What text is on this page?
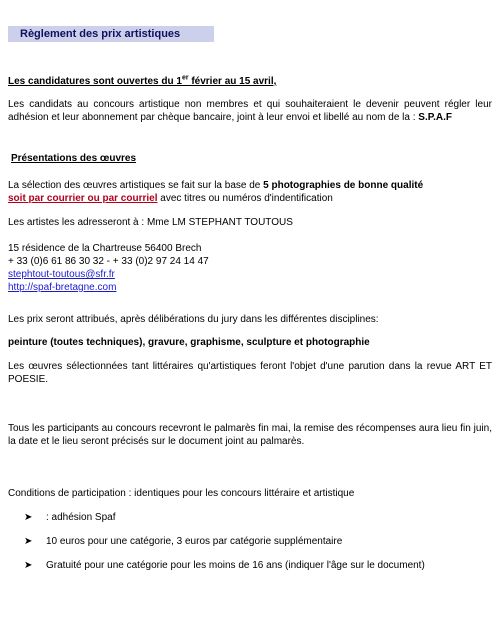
Règlement des prix artistiques
Les candidatures sont ouvertes du 1er février au 15 avril,
Les candidats au concours artistique non membres et qui souhaiteraient le devenir peuvent régler leur adhésion et leur abonnement par chèque bancaire, joint à leur envoi et libellé au nom de la : S.P.A.F
Présentations des œuvres
La sélection des œuvres artistiques se fait sur la base de 5 photographies de bonne qualité
soit par courrier ou par courriel avec titres ou numéros d'indentification
Les artistes les adresseront à : Mme LM STEPHANT TOUTOUS
15 résidence de la Chartreuse 56400 Brech
+ 33 (0)6 61 86 30 32 - + 33 (0)2 97 24 14 47
stephtout-toutous@sfr.fr
http://spaf-bretagne.com
Les prix seront attribués, après délibérations du jury dans les différentes disciplines:
peinture (toutes techniques), gravure, graphisme, sculpture et photographie
Les œuvres sélectionnées tant littéraires qu'artistiques feront l'objet d'une parution dans la revue ART ET POESIE.
Tous les participants au concours recevront le palmarès fin mai, la remise des récompenses aura lieu fin juin, la date et le lieu seront précisés sur le document joint au palmarès.
Conditions de participation : identiques pour les concours littéraire et artistique
➤ : adhésion Spaf
➤ 10 euros pour une catégorie, 3 euros par catégorie supplémentaire
➤ Gratuité pour une catégorie pour les moins de 16 ans (indiquer l'âge sur le document)
